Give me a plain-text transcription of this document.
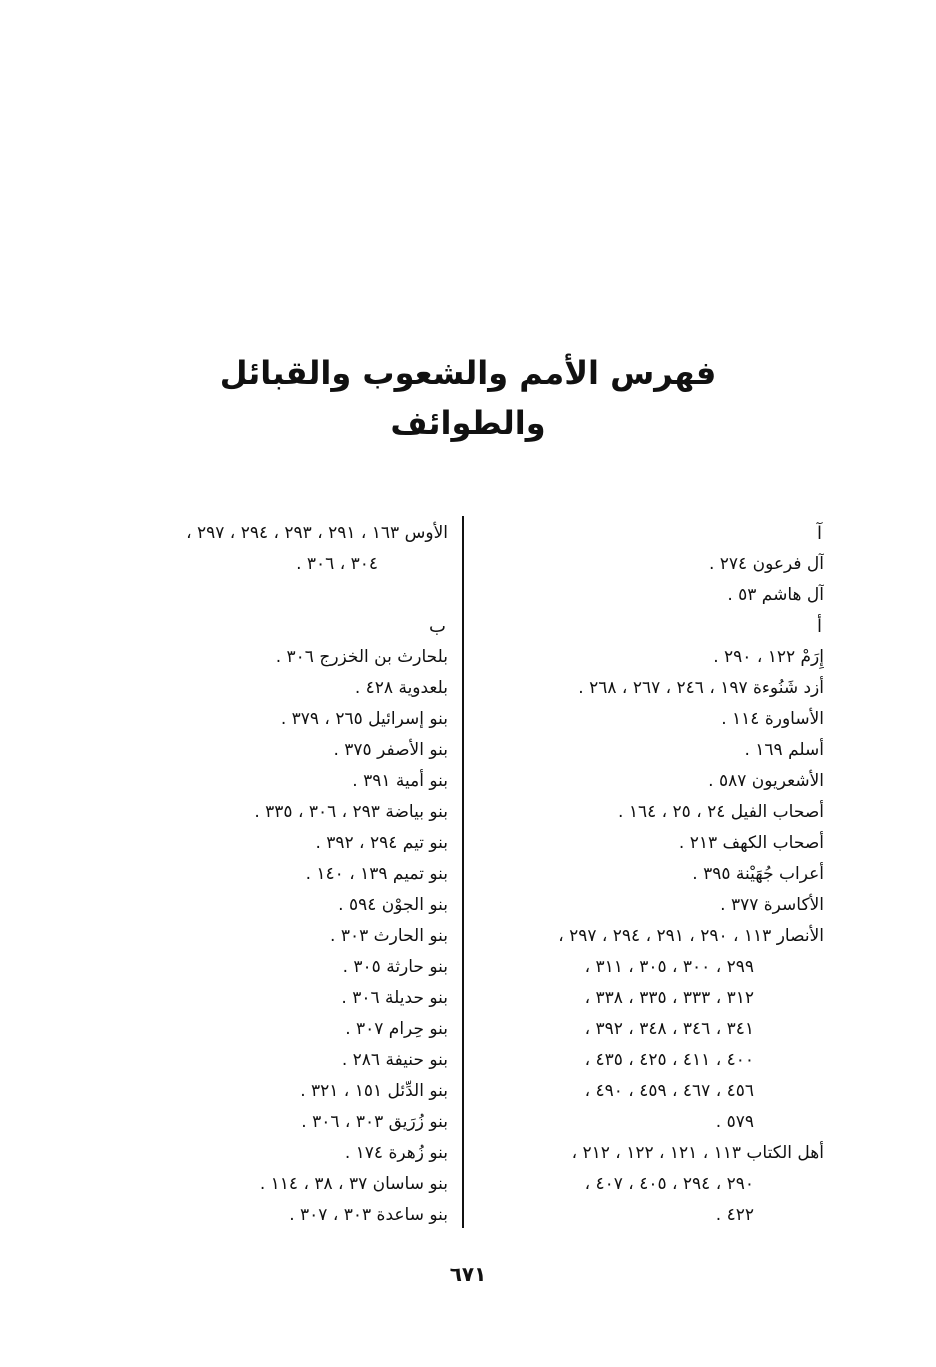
فهرس الأمم والشعوب والقبائل
والطوائف
آ
آل فرعون ٢٧٤ .
آل هاشم ٥٣ .
أ
إِرَمْ ١٢٢ ، ٢٩٠ .
أزد شَنُوءة ١٩٧ ، ٢٤٦ ، ٢٦٧ ، ٢٦٨ .
الأساورة ١١٤ .
أسلم ١٦٩ .
الأشعريون ٥٨٧ .
أصحاب الفيل ٢٤ ، ٢٥ ، ١٦٤ .
أصحاب الكهف ٢١٣ .
أعراب جُهَيْنة ٣٩٥ .
الأكاسرة ٣٧٧ .
الأنصار ١١٣ ، ٢٩٠ ، ٢٩١ ، ٢٩٤ ، ٢٩٧ ،
٢٩٩ ، ٣٠٠ ، ٣٠٥ ، ٣١١ ،
٣١٢ ، ٣٣٣ ، ٣٣٥ ، ٣٣٨ ،
٣٤١ ، ٣٤٦ ، ٣٤٨ ، ٣٩٢ ،
٤٠٠ ، ٤١١ ، ٤٢٥ ، ٤٣٥ ،
٤٥٦ ، ٤٦٧ ، ٤٥٩ ، ٤٩٠ ،
٥٧٩ .
أهل الكتاب ١١٣ ، ١٢١ ، ١٢٢ ، ٢١٢ ،
٢٩٠ ، ٢٩٤ ، ٤٠٥ ، ٤٠٧ ،
٤٢٢ .
الأوس ١٦٣ ، ٢٩١ ، ٢٩٣ ، ٢٩٤ ، ٢٩٧ ،
٣٠٤ ، ٣٠٦ .
ب
بلحارث بن الخزرج ٣٠٦ .
بلعدوية ٤٢٨ .
بنو إسرائيل ٢٦٥ ، ٣٧٩ .
بنو الأصفر ٣٧٥ .
بنو أمية ٣٩١ .
بنو بياضة ٢٩٣ ، ٣٠٦ ، ٣٣٥ .
بنو تيم ٢٩٤ ، ٣٩٢ .
بنو تميم ١٣٩ ، ١٤٠ .
بنو الجوْن ٥٩٤ .
بنو الحارث ٣٠٣ .
بنو حارثة ٣٠٥ .
بنو حديلة ٣٠٦ .
بنو حِرام ٣٠٧ .
بنو حنيفة ٢٨٦ .
بنو الدِّئل ١٥١ ، ٣٢١ .
بنو زُرَيق ٣٠٣ ، ٣٠٦ .
بنو زُهرة ١٧٤ .
بنو ساسان ٣٧ ، ٣٨ ، ١١٤ .
بنو ساعدة ٣٠٣ ، ٣٠٧ .
٦٧١
